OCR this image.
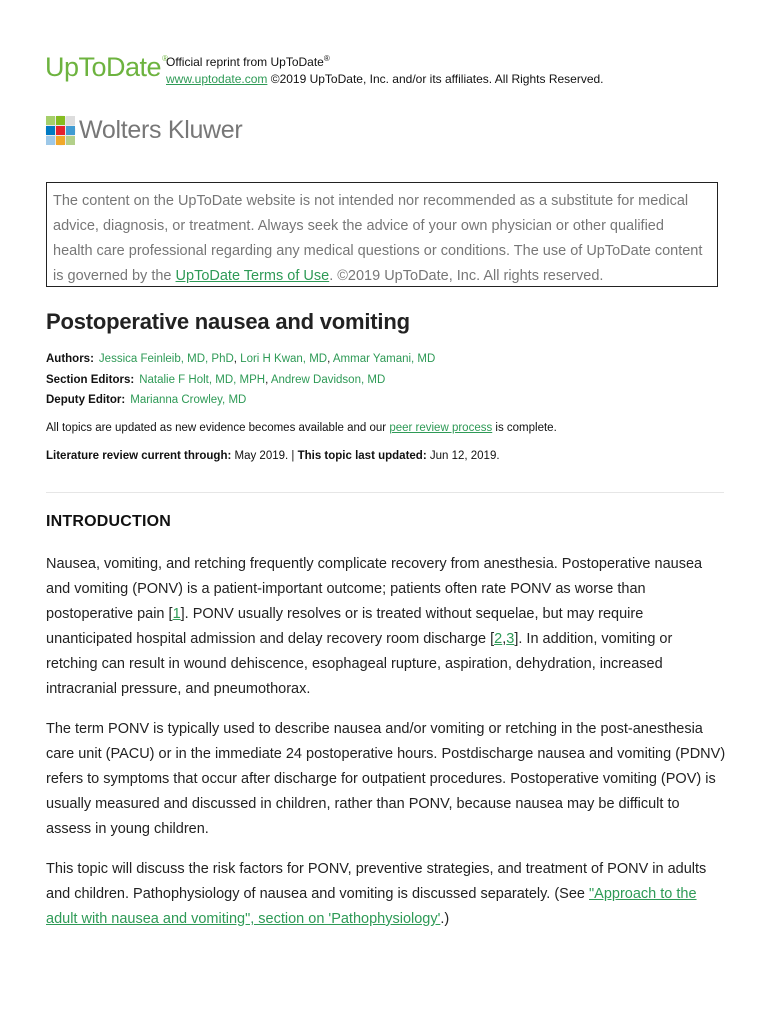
UpToDate®
Official reprint from UpToDate®
www.uptodate.com ©2019 UpToDate, Inc. and/or its affiliates. All Rights Reserved.
Wolters Kluwer
The content on the UpToDate website is not intended nor recommended as a substitute for medical advice, diagnosis, or treatment. Always seek the advice of your own physician or other qualified health care professional regarding any medical questions or conditions. The use of UpToDate content is governed by the UpToDate Terms of Use. ©2019 UpToDate, Inc. All rights reserved.
Postoperative nausea and vomiting
Authors: Jessica Feinleib, MD, PhD, Lori H Kwan, MD, Ammar Yamani, MD
Section Editors: Natalie F Holt, MD, MPH, Andrew Davidson, MD
Deputy Editor: Marianna Crowley, MD
All topics are updated as new evidence becomes available and our peer review process is complete.
Literature review current through: May 2019. | This topic last updated: Jun 12, 2019.
INTRODUCTION

Nausea, vomiting, and retching frequently complicate recovery from anesthesia. Postoperative nausea and vomiting (PONV) is a patient-important outcome; patients often rate PONV as worse than postoperative pain [1]. PONV usually resolves or is treated without sequelae, but may require unanticipated hospital admission and delay recovery room discharge [2,3]. In addition, vomiting or retching can result in wound dehiscence, esophageal rupture, aspiration, dehydration, increased intracranial pressure, and pneumothorax.

The term PONV is typically used to describe nausea and/or vomiting or retching in the post-anesthesia care unit (PACU) or in the immediate 24 postoperative hours. Postdischarge nausea and vomiting (PDNV) refers to symptoms that occur after discharge for outpatient procedures. Postoperative vomiting (POV) is usually measured and discussed in children, rather than PONV, because nausea may be difficult to assess in young children.

This topic will discuss the risk factors for PONV, preventive strategies, and treatment of PONV in adults and children. Pathophysiology of nausea and vomiting is discussed separately. (See "Approach to the adult with nausea and vomiting", section on 'Pathophysiology'.)
